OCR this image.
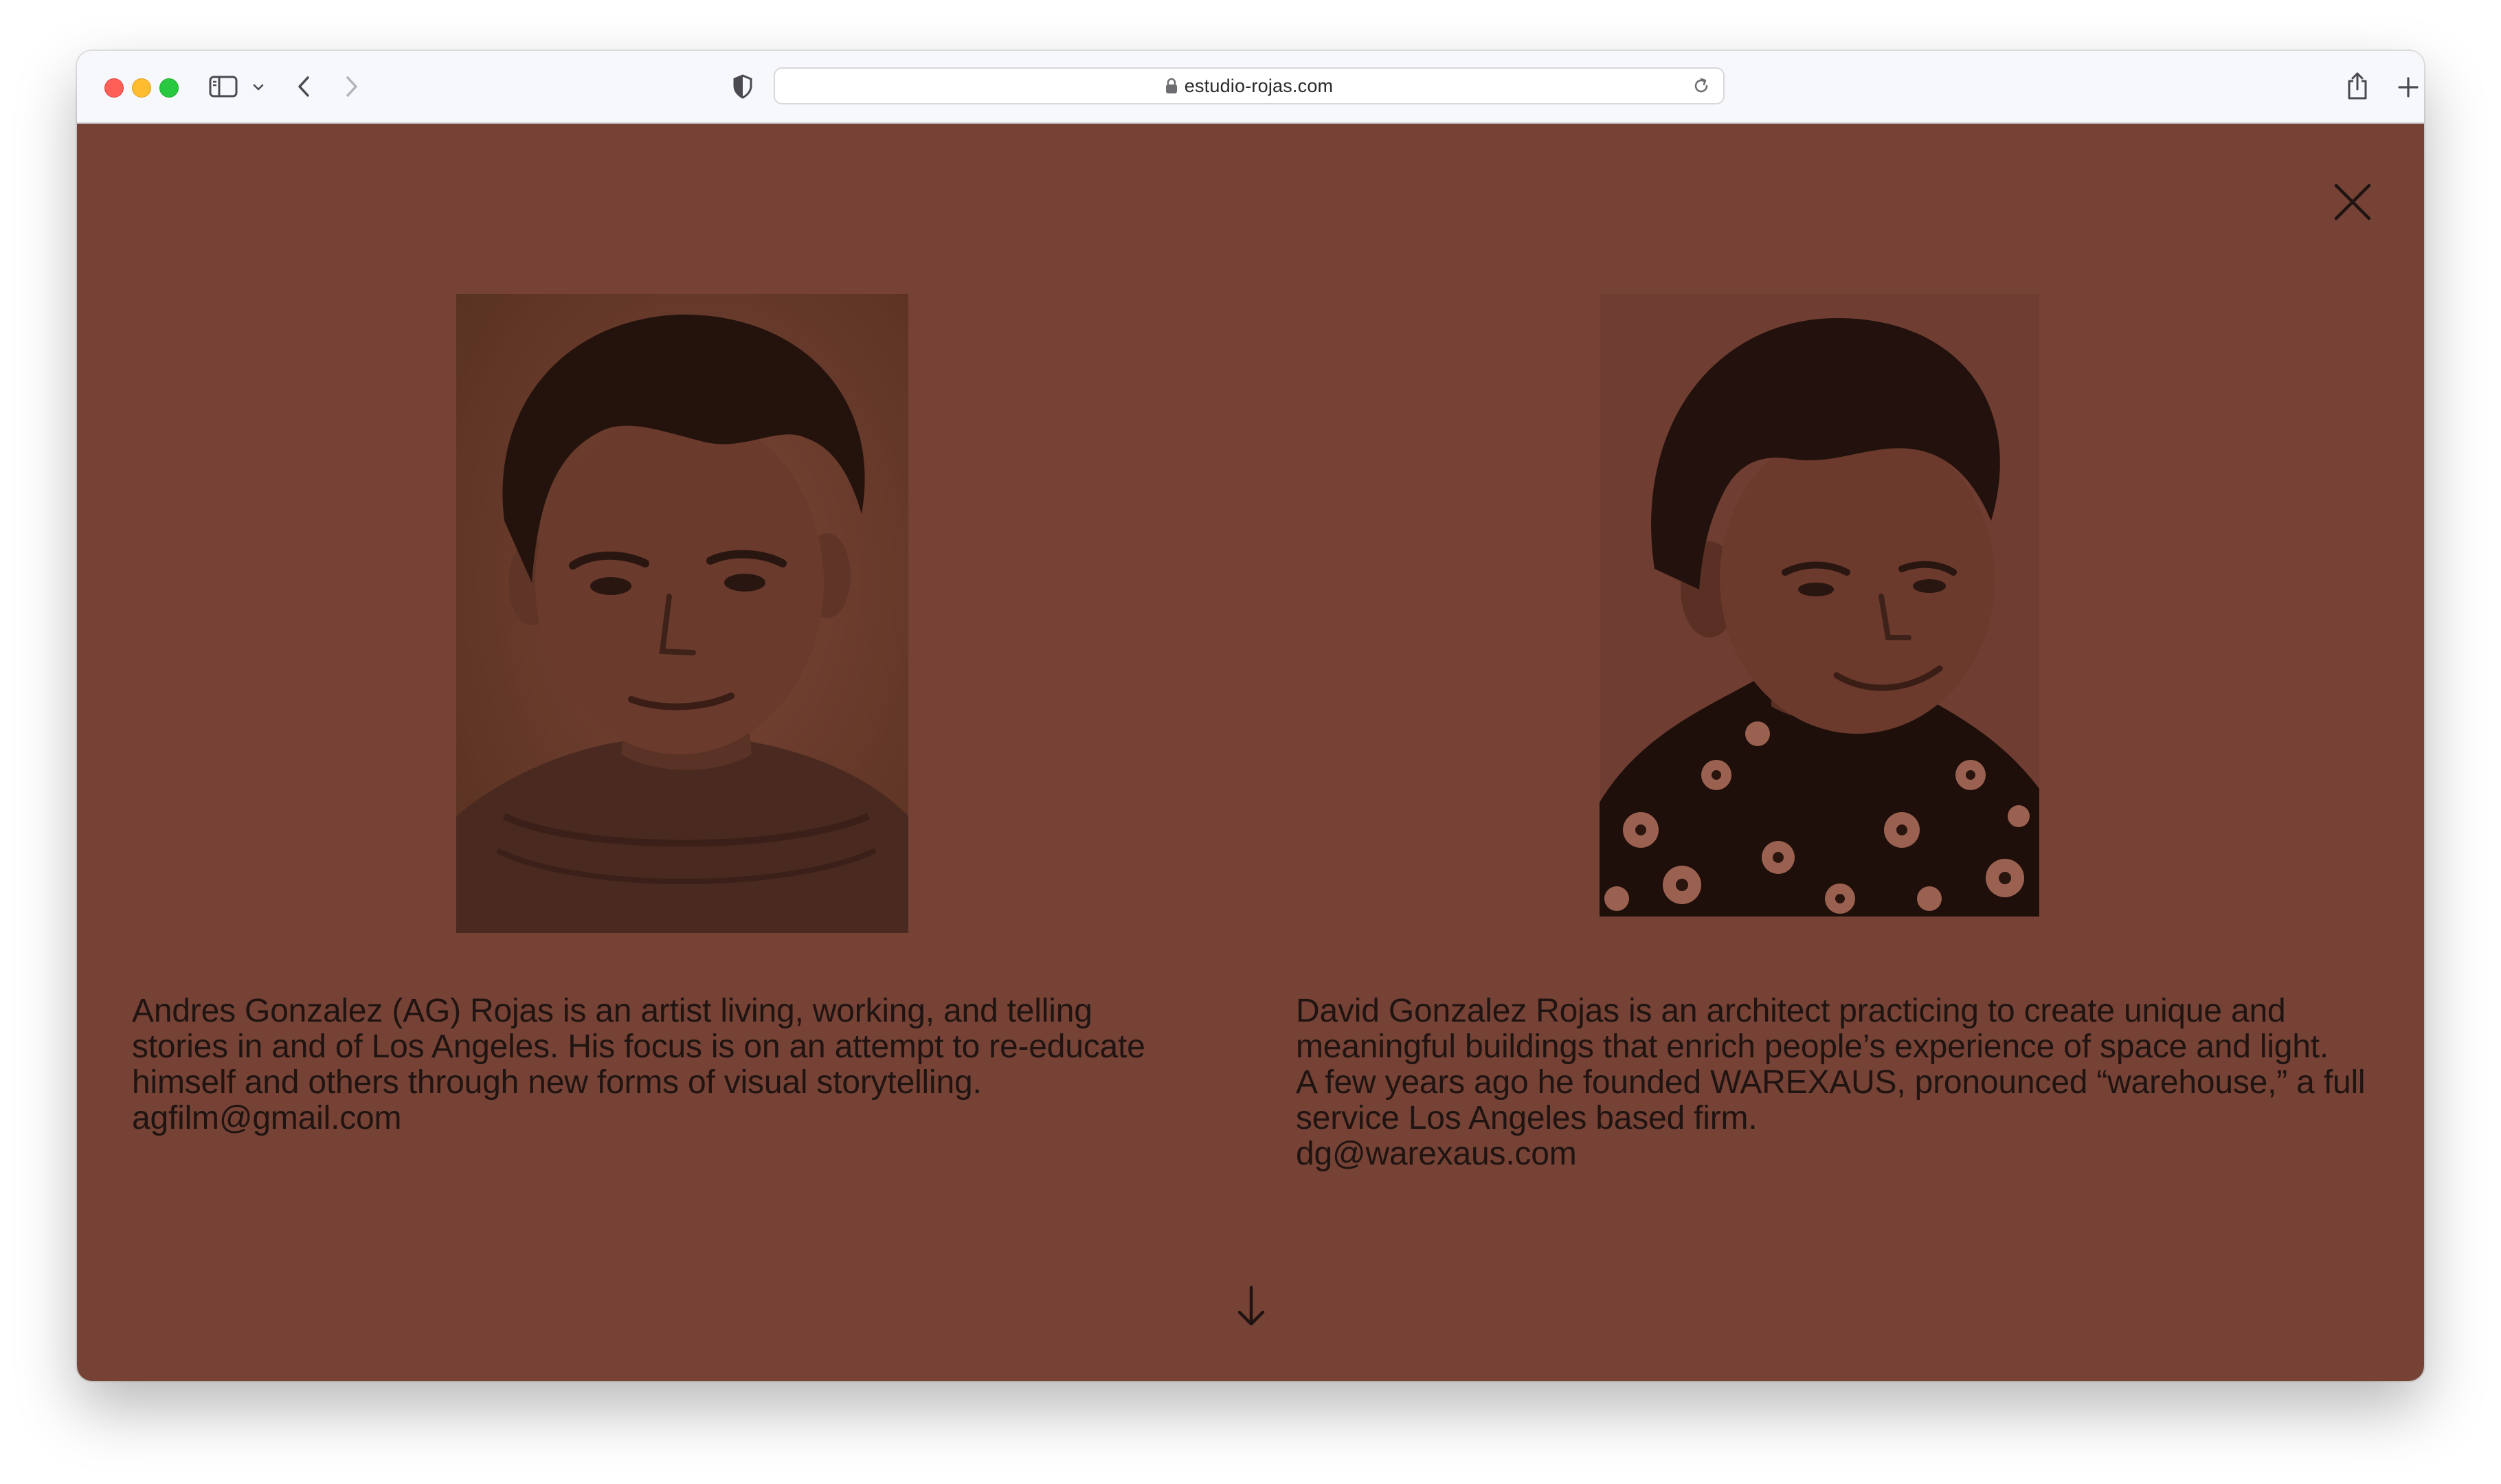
estudio-rojas.com

Andres Gonzalez (AG) Rojas is an artist living, working, and telling
stories in and of Los Angeles. His focus is on an attempt to re-educate
himself and others through new forms of visual storytelling.
agfilm@gmail.com

David Gonzalez Rojas is an architect practicing to create unique and
meaningful buildings that enrich people’s experience of space and light.
A few years ago he founded WAREXAUS, pronounced “warehouse,” a full
service Los Angeles based firm.
dg@warexaus.com
